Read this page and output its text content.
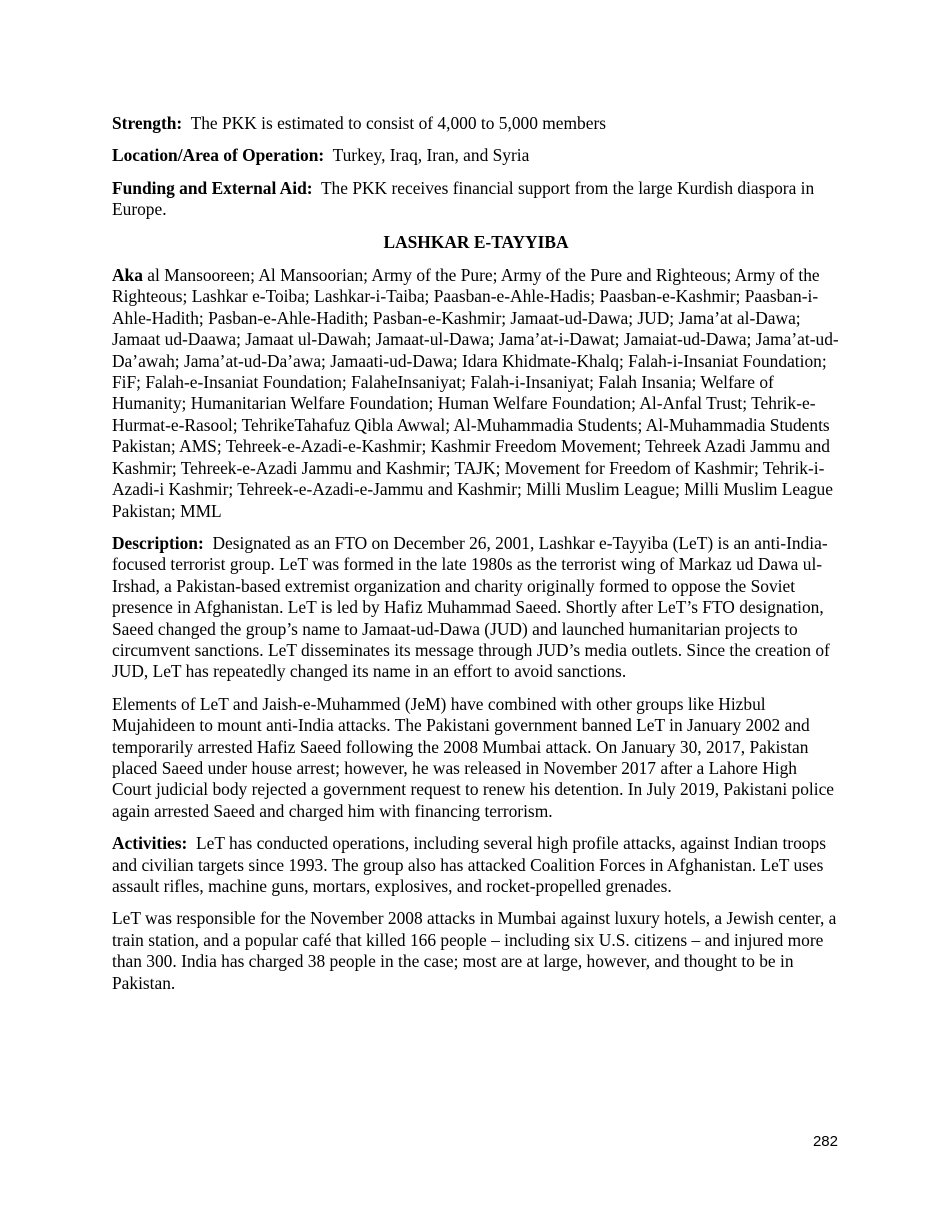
Strength: The PKK is estimated to consist of 4,000 to 5,000 members

Location/Area of Operation: Turkey, Iraq, Iran, and Syria

Funding and External Aid: The PKK receives financial support from the large Kurdish diaspora in Europe.

LASHKAR E-TAYYIBA

Aka al Mansooreen; Al Mansoorian; Army of the Pure; Army of the Pure and Righteous; Army of the Righteous; Lashkar e-Toiba; Lashkar-i-Taiba; Paasban-e-Ahle-Hadis; Paasban-e-Kashmir; Paasban-i-Ahle-Hadith; Pasban-e-Ahle-Hadith; Pasban-e-Kashmir; Jamaat-ud-Dawa; JUD; Jama’at al-Dawa; Jamaat ud-Daawa; Jamaat ul-Dawah; Jamaat-ul-Dawa; Jama’at-i-Dawat; Jamaiat-ud-Dawa; Jama’at-ud-Da’awah; Jama’at-ud-Da’awa; Jamaati-ud-Dawa; Idara Khidmate-Khalq; Falah-i-Insaniat Foundation; FiF; Falah-e-Insaniat Foundation; FalaheInsaniyat; Falah-i-Insaniyat; Falah Insania; Welfare of Humanity; Humanitarian Welfare Foundation; Human Welfare Foundation; Al-Anfal Trust; Tehrik-e-Hurmat-e-Rasool; TehrikeTahafuz Qibla Awwal; Al-Muhammadia Students; Al-Muhammadia Students Pakistan; AMS; Tehreek-e-Azadi-e-Kashmir; Kashmir Freedom Movement; Tehreek Azadi Jammu and Kashmir; Tehreek-e-Azadi Jammu and Kashmir; TAJK; Movement for Freedom of Kashmir; Tehrik-i-Azadi-i Kashmir; Tehreek-e-Azadi-e-Jammu and Kashmir; Milli Muslim League; Milli Muslim League Pakistan; MML

Description: Designated as an FTO on December 26, 2001, Lashkar e-Tayyiba (LeT) is an anti-India-focused terrorist group. LeT was formed in the late 1980s as the terrorist wing of Markaz ud Dawa ul-Irshad, a Pakistan-based extremist organization and charity originally formed to oppose the Soviet presence in Afghanistan. LeT is led by Hafiz Muhammad Saeed. Shortly after LeT’s FTO designation, Saeed changed the group’s name to Jamaat-ud-Dawa (JUD) and launched humanitarian projects to circumvent sanctions. LeT disseminates its message through JUD’s media outlets. Since the creation of JUD, LeT has repeatedly changed its name in an effort to avoid sanctions.

Elements of LeT and Jaish-e-Muhammed (JeM) have combined with other groups like Hizbul Mujahideen to mount anti-India attacks. The Pakistani government banned LeT in January 2002 and temporarily arrested Hafiz Saeed following the 2008 Mumbai attack. On January 30, 2017, Pakistan placed Saeed under house arrest; however, he was released in November 2017 after a Lahore High Court judicial body rejected a government request to renew his detention. In July 2019, Pakistani police again arrested Saeed and charged him with financing terrorism.

Activities: LeT has conducted operations, including several high profile attacks, against Indian troops and civilian targets since 1993. The group also has attacked Coalition Forces in Afghanistan. LeT uses assault rifles, machine guns, mortars, explosives, and rocket-propelled grenades.

LeT was responsible for the November 2008 attacks in Mumbai against luxury hotels, a Jewish center, a train station, and a popular café that killed 166 people – including six U.S. citizens – and injured more than 300. India has charged 38 people in the case; most are at large, however, and thought to be in Pakistan.

282
